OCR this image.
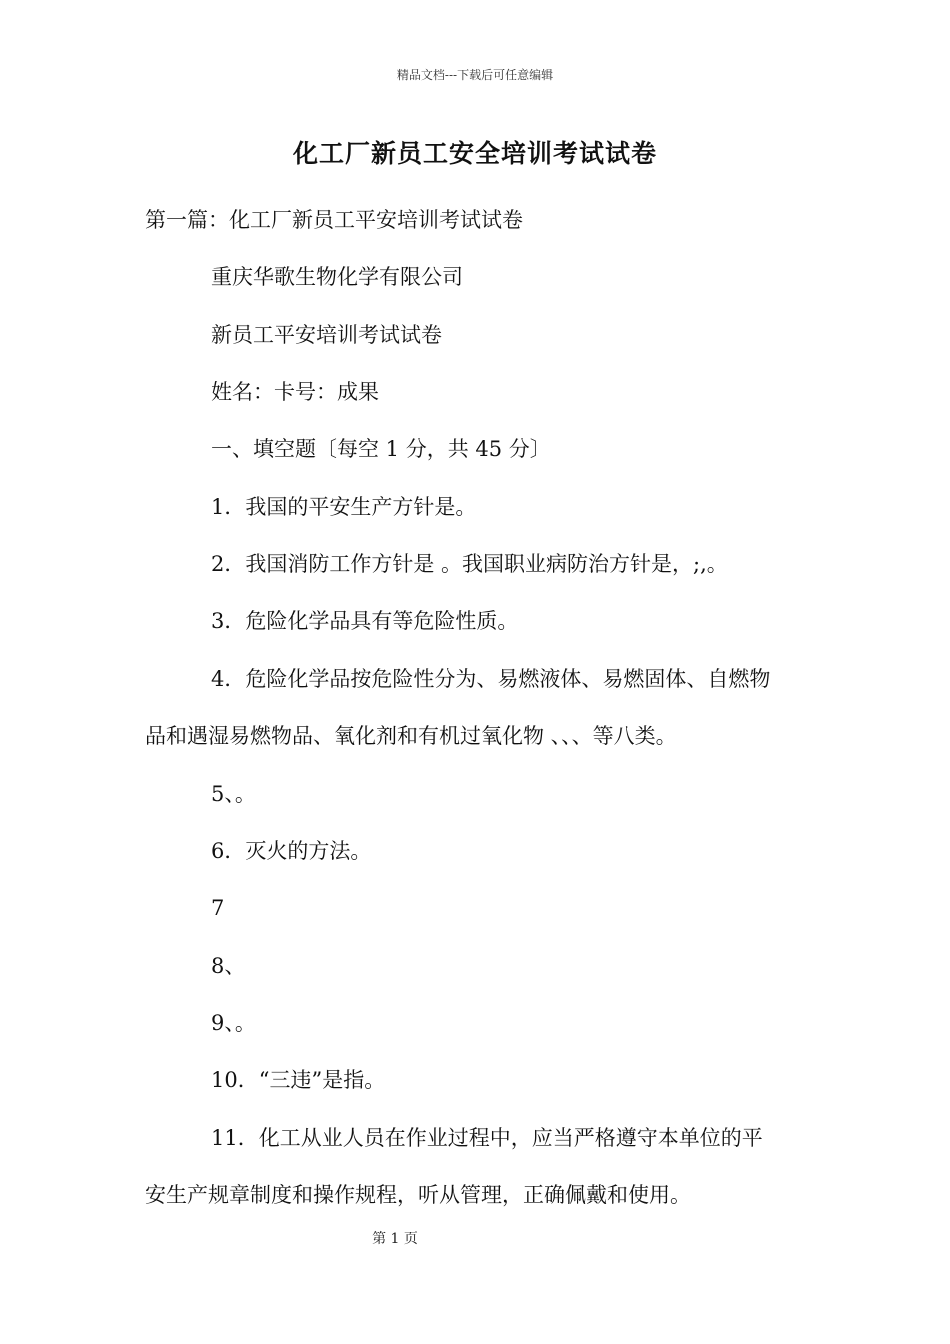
精品文档---下载后可任意编辑
化工厂新员工安全培训考试试卷
第一篇：化工厂新员工平安培训考试试卷
重庆华歌生物化学有限公司
新员工平安培训考试试卷
姓名：卡号：成果
一、填空题〔每空 1 分，共 45 分〕
1．我国的平安生产方针是。
2．我国消防工作方针是 。我国职业病防治方针是，;,。
3．危险化学品具有等危险性质。
4．危险化学品按危险性分为、易燃液体、易燃固体、自燃物
品和遇湿易燃物品、氧化剂和有机过氧化物 、、、等八类。
5、。
6．灭火的方法。
7
8、
9、。
10．“三违”是指。
11．化工从业人员在作业过程中，应当严格遵守本单位的平
安生产规章制度和操作规程，听从管理，正确佩戴和使用。
第 1 页
